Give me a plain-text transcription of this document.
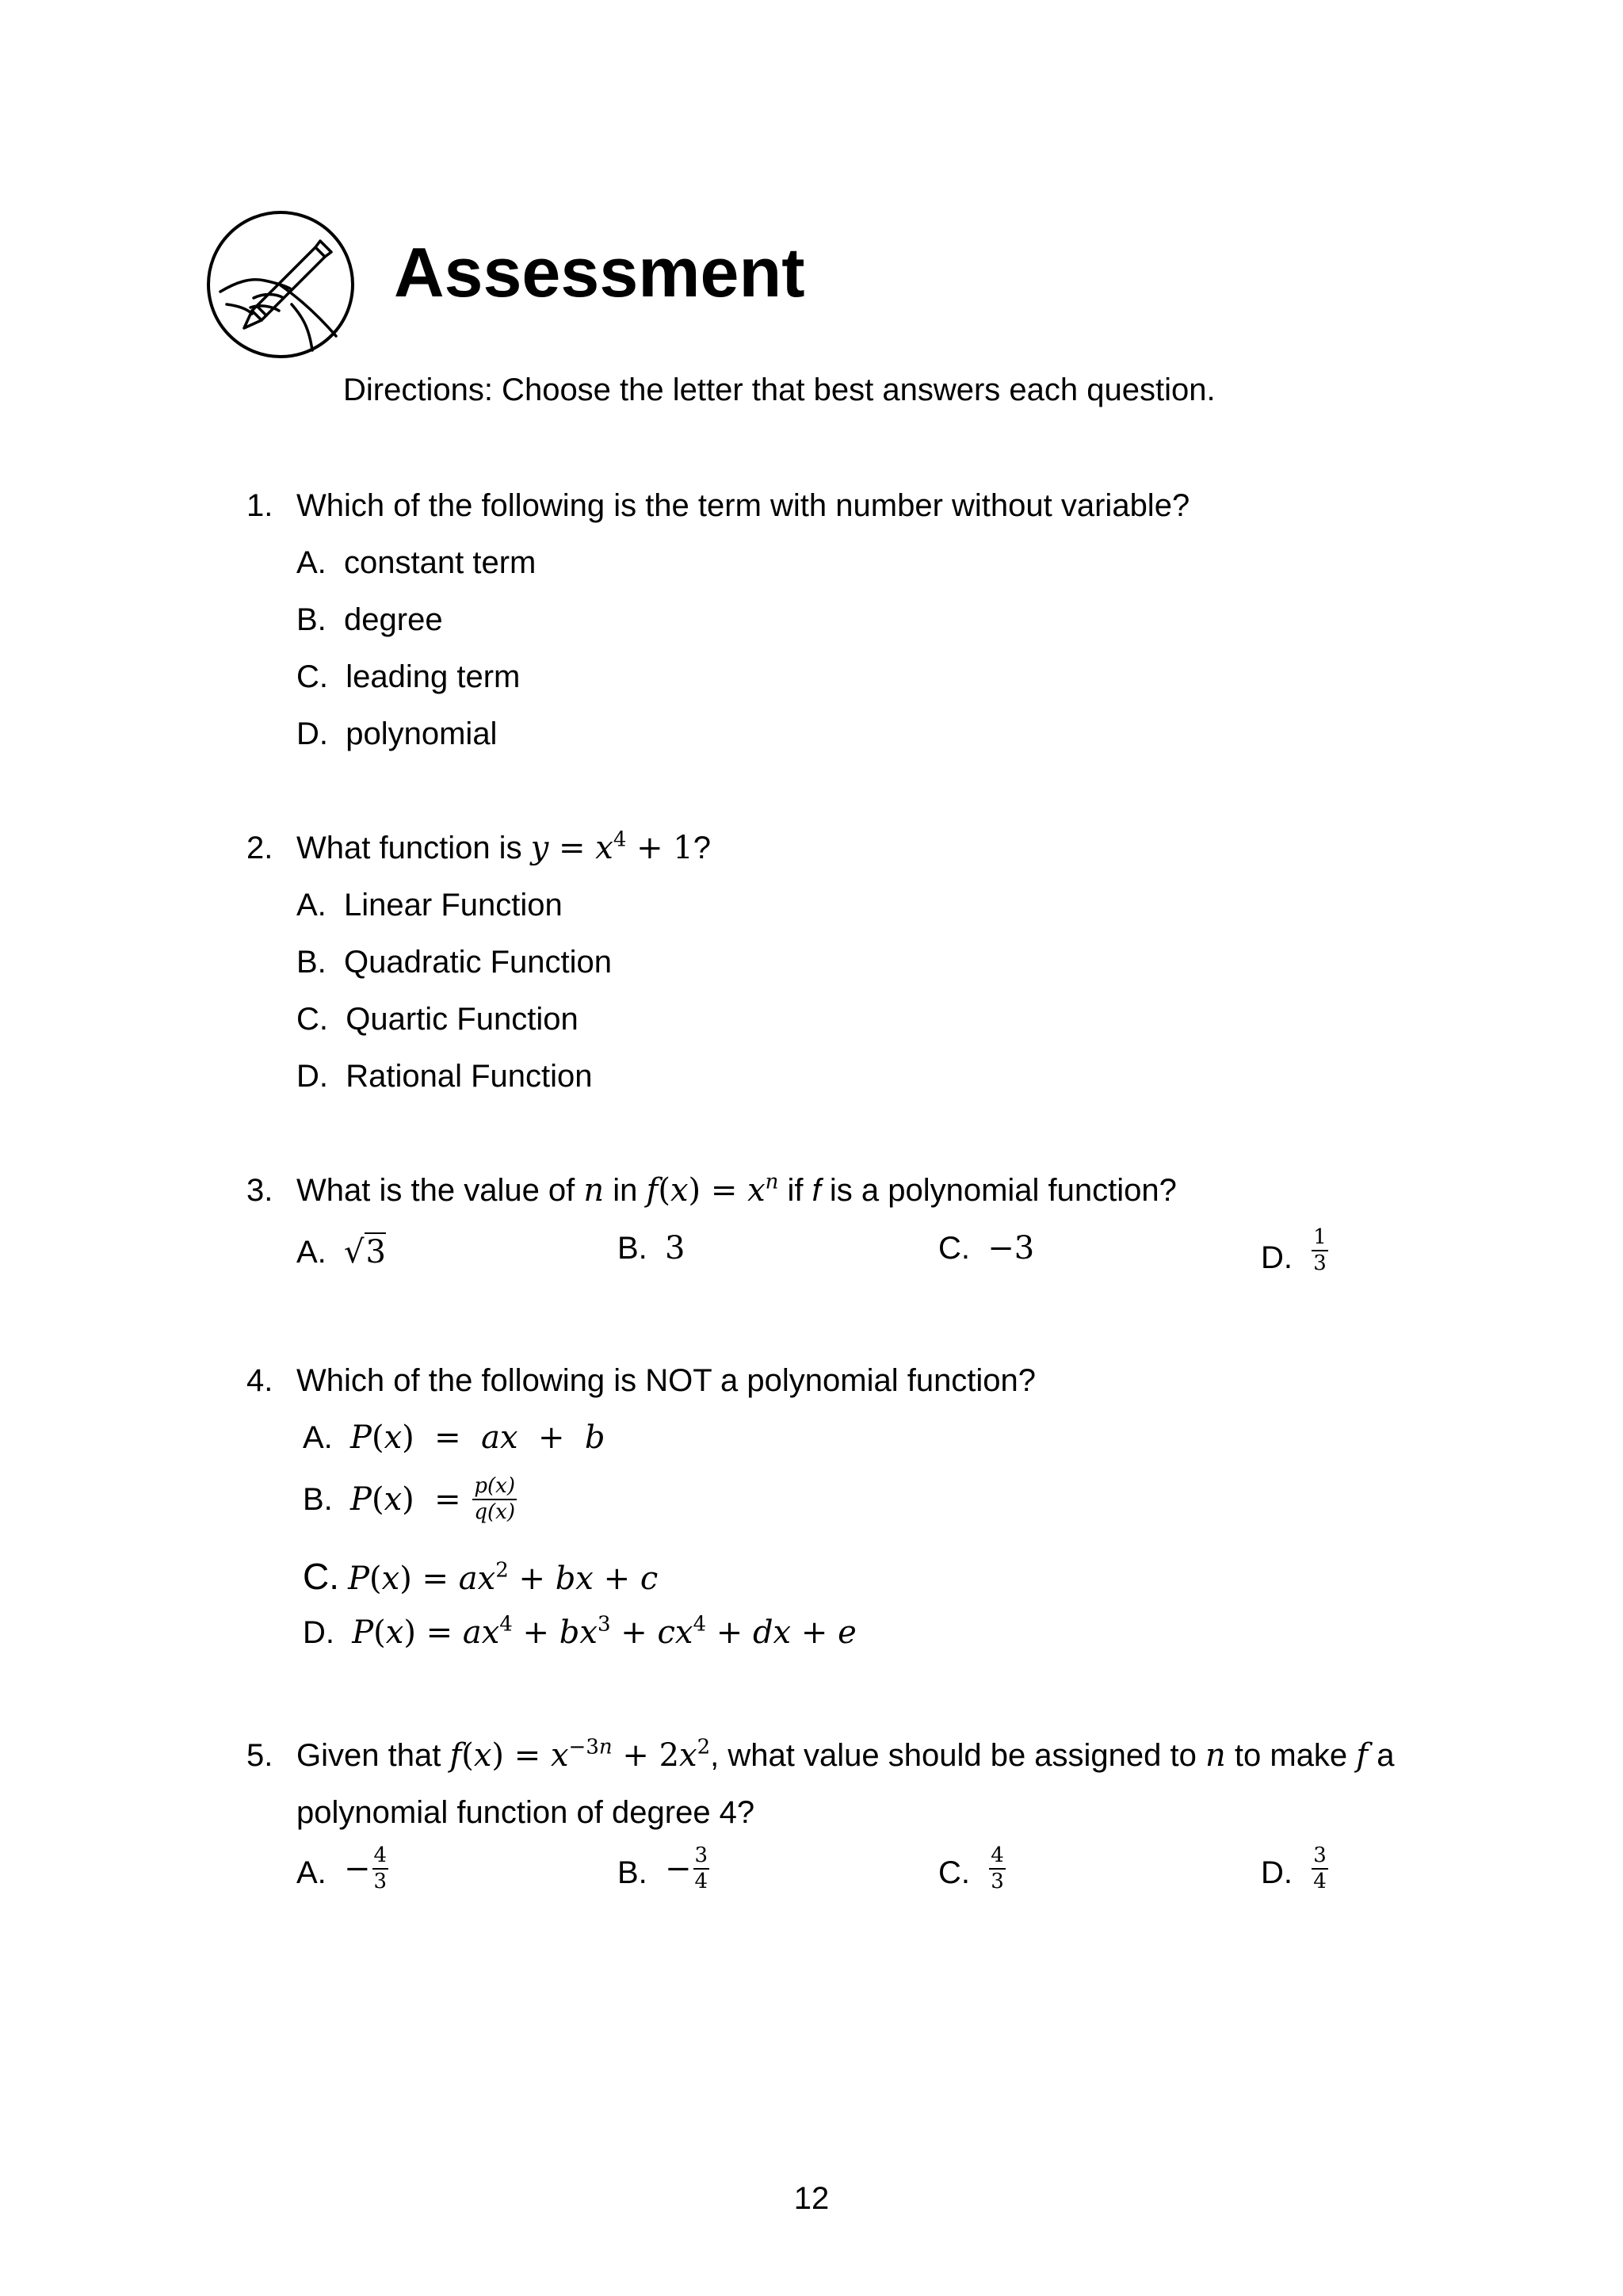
Assessment
Directions: Choose the letter that best answers each question.
1. Which of the following is the term with number without variable?
A. constant term
B. degree
C. leading term
D. polynomial
2. What function is $y = x^4 + 1$?
A. Linear Function
B. Quadratic Function
C. Quartic Function
D. Rational Function
3. What is the value of n in $f(x) = x^n$ if f is a polynomial function?
A. √3	B. 3	C. −3	D.
$\frac{1}{3}$
4. Which of the following is NOT a polynomial function?
A. P(x)  =  ax  +  b
B.
P ( x )  = $\frac{p(x)}{q(x)}$
C. $P(x) = ax^2$ + bx + c
D. $P(x) = ax^4 + bx^3 + cx^4$ + dx + e
5. Given that $f(x) = x^{-3n} + 2x^2$, what value should be assigned to n to make f a
polynomial function of degree 4?
A.
− $\frac{4}{3}$	B.
− $\frac{3}{4}$	C.
$\frac{4}{3}$	D.
$\frac{3}{4}$
12
